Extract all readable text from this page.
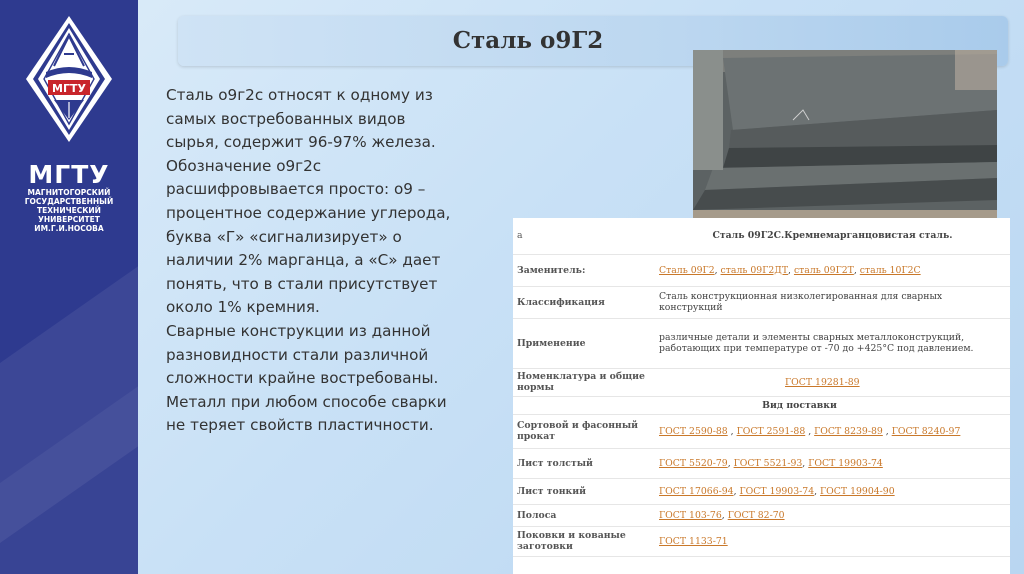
МГТУ
МГТУ
МАГНИТОГОРСКИЙ
ГОСУДАРСТВЕННЫЙ
ТЕХНИЧЕСКИЙ
УНИВЕРСИТЕТ
ИМ.Г.И.НОСОВА
Сталь о9Г2
Сталь о9г2с относят к одному из
самых востребованных видов
сырья, содержит 96-97% железа.
Обозначение о9г2с
расшифровывается просто: о9 –
процентное содержание углерода,
буква «Г» «сигнализирует» о
наличии 2% марганца, а «С» дает
понять, что в стали присутствует
около 1% кремния.
Сварные конструкции из данной
разновидности стали различной
сложности крайне востребованы.
Металл при любом способе сварки
не теряет свойств пластичности.
а	Сталь 09Г2С.Кремнемарганцовистая сталь.
Заменитель:	Сталь 09Г2, сталь 09Г2ДТ, сталь 09Г2Т, сталь 10Г2С
Классификация	Сталь конструкционная низколегированная для сварных конструкций
Применение	различные детали и элементы сварных металлоконструкций, работающих при температуре от -70 до +425°С под давлением.
Номенклатура и общие нормы	ГОСТ 19281-89
Вид поставки	
Сортовой и фасонный прокат	ГОСТ 2590-88 , ГОСТ 2591-88 , ГОСТ 8239-89 , ГОСТ 8240-97
Лист толстый	ГОСТ 5520-79, ГОСТ 5521-93, ГОСТ 19903-74
Лист тонкий	ГОСТ 17066-94, ГОСТ 19903-74, ГОСТ 19904-90
Полоса	ГОСТ 103-76, ГОСТ 82-70
Поковки и кованые заготовки	ГОСТ 1133-71
